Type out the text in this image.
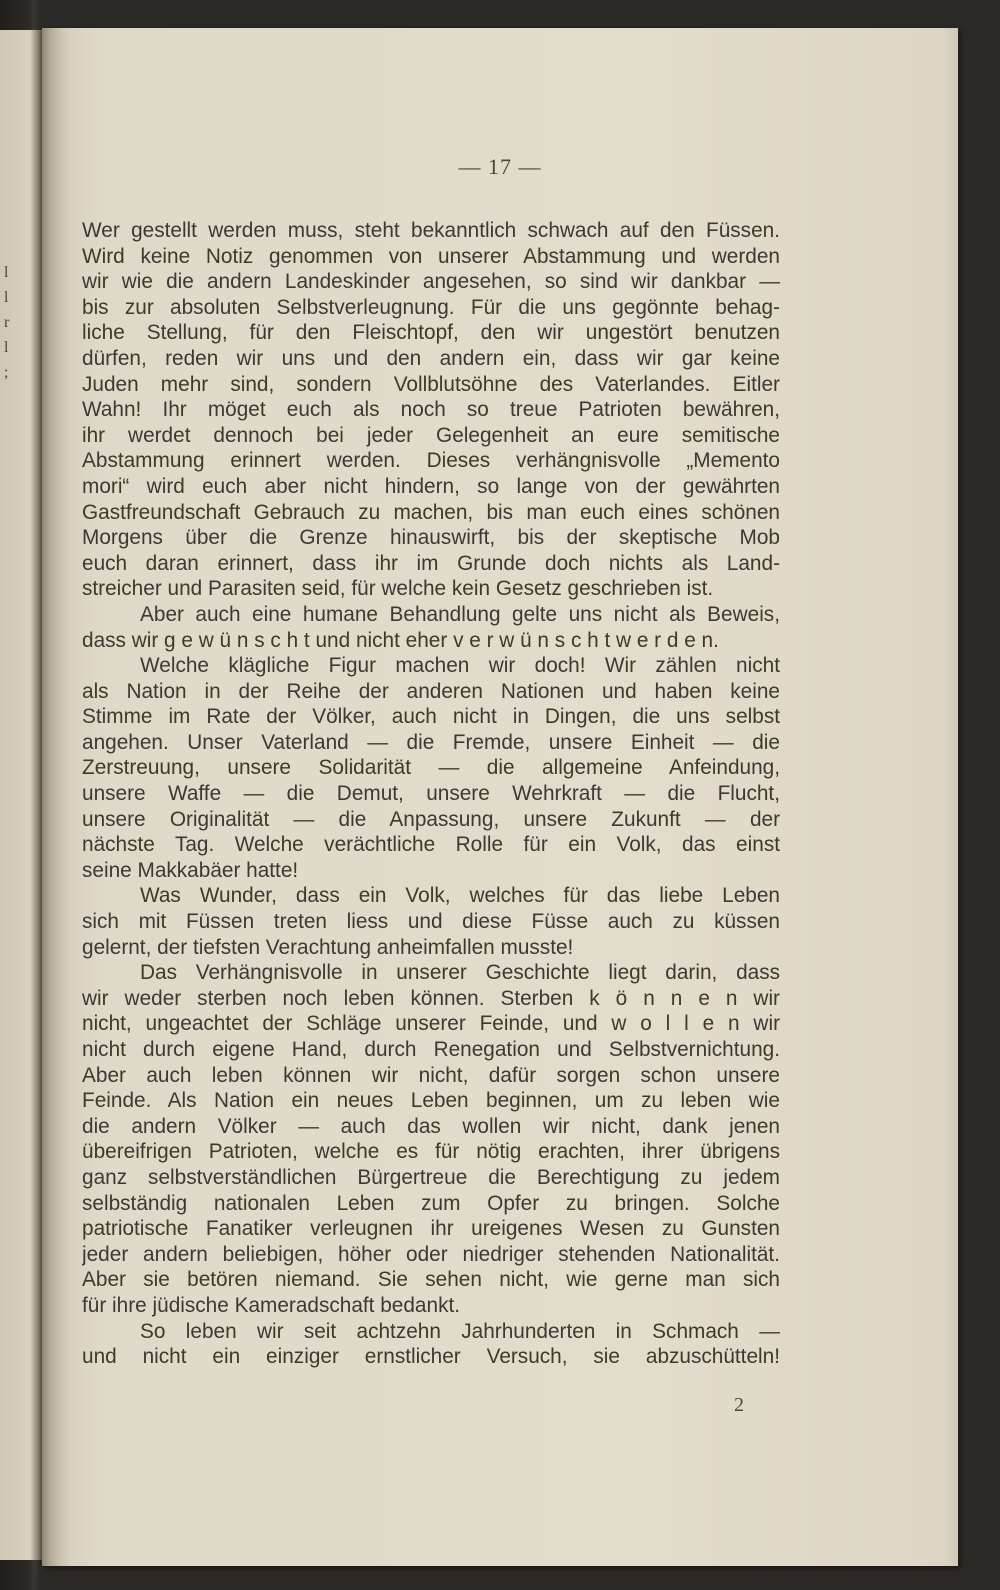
l
l
r
l
;
— 17 —
Wer gestellt werden muss, steht bekanntlich schwach auf den Füssen.
Wird keine Notiz genommen von unserer Abstammung und werden
wir wie die andern Landeskinder angesehen, so sind wir dankbar —
bis zur absoluten Selbstverleugnung. Für die uns gegönnte behag-
liche Stellung, für den Fleischtopf, den wir ungestört benutzen
dürfen, reden wir uns und den andern ein, dass wir gar keine
Juden mehr sind, sondern Vollblutsöhne des Vaterlandes. Eitler
Wahn! Ihr möget euch als noch so treue Patrioten bewähren,
ihr werdet dennoch bei jeder Gelegenheit an eure semitische
Abstammung erinnert werden. Dieses verhängnisvolle „Memento
mori“ wird euch aber nicht hindern, so lange von der gewährten
Gastfreundschaft Gebrauch zu machen, bis man euch eines schönen
Morgens über die Grenze hinauswirft, bis der skeptische Mob
euch daran erinnert, dass ihr im Grunde doch nichts als Land-
streicher und Parasiten seid, für welche kein Gesetz geschrieben ist.
Aber auch eine humane Behandlung gelte uns nicht als Beweis,
dass wir g e w ü n s c h t und nicht eher v e r w ü n s c h t w e r d e n.
Welche klägliche Figur machen wir doch! Wir zählen nicht
als Nation in der Reihe der anderen Nationen und haben keine
Stimme im Rate der Völker, auch nicht in Dingen, die uns selbst
angehen. Unser Vaterland — die Fremde, unsere Einheit — die
Zerstreuung, unsere Solidarität — die allgemeine Anfeindung,
unsere Waffe — die Demut, unsere Wehrkraft — die Flucht,
unsere Originalität — die Anpassung, unsere Zukunft — der
nächste Tag. Welche verächtliche Rolle für ein Volk, das einst
seine Makkabäer hatte!
Was Wunder, dass ein Volk, welches für das liebe Leben
sich mit Füssen treten liess und diese Füsse auch zu küssen
gelernt, der tiefsten Verachtung anheimfallen musste!
Das Verhängnisvolle in unserer Geschichte liegt darin, dass
wir weder sterben noch leben können. Sterben k ö n n e n wir
nicht, ungeachtet der Schläge unserer Feinde, und w o l l e n wir
nicht durch eigene Hand, durch Renegation und Selbstvernichtung.
Aber auch leben können wir nicht, dafür sorgen schon unsere
Feinde. Als Nation ein neues Leben beginnen, um zu leben wie
die andern Völker — auch das wollen wir nicht, dank jenen
übereifrigen Patrioten, welche es für nötig erachten, ihrer übrigens
ganz selbstverständlichen Bürgertreue die Berechtigung zu jedem
selbständig nationalen Leben zum Opfer zu bringen. Solche
patriotische Fanatiker verleugnen ihr ureigenes Wesen zu Gunsten
jeder andern beliebigen, höher oder niedriger stehenden Nationalität.
Aber sie betören niemand. Sie sehen nicht, wie gerne man sich
für ihre jüdische Kameradschaft bedankt.
So leben wir seit achtzehn Jahrhunderten in Schmach —
und nicht ein einziger ernstlicher Versuch, sie abzuschütteln!
2
